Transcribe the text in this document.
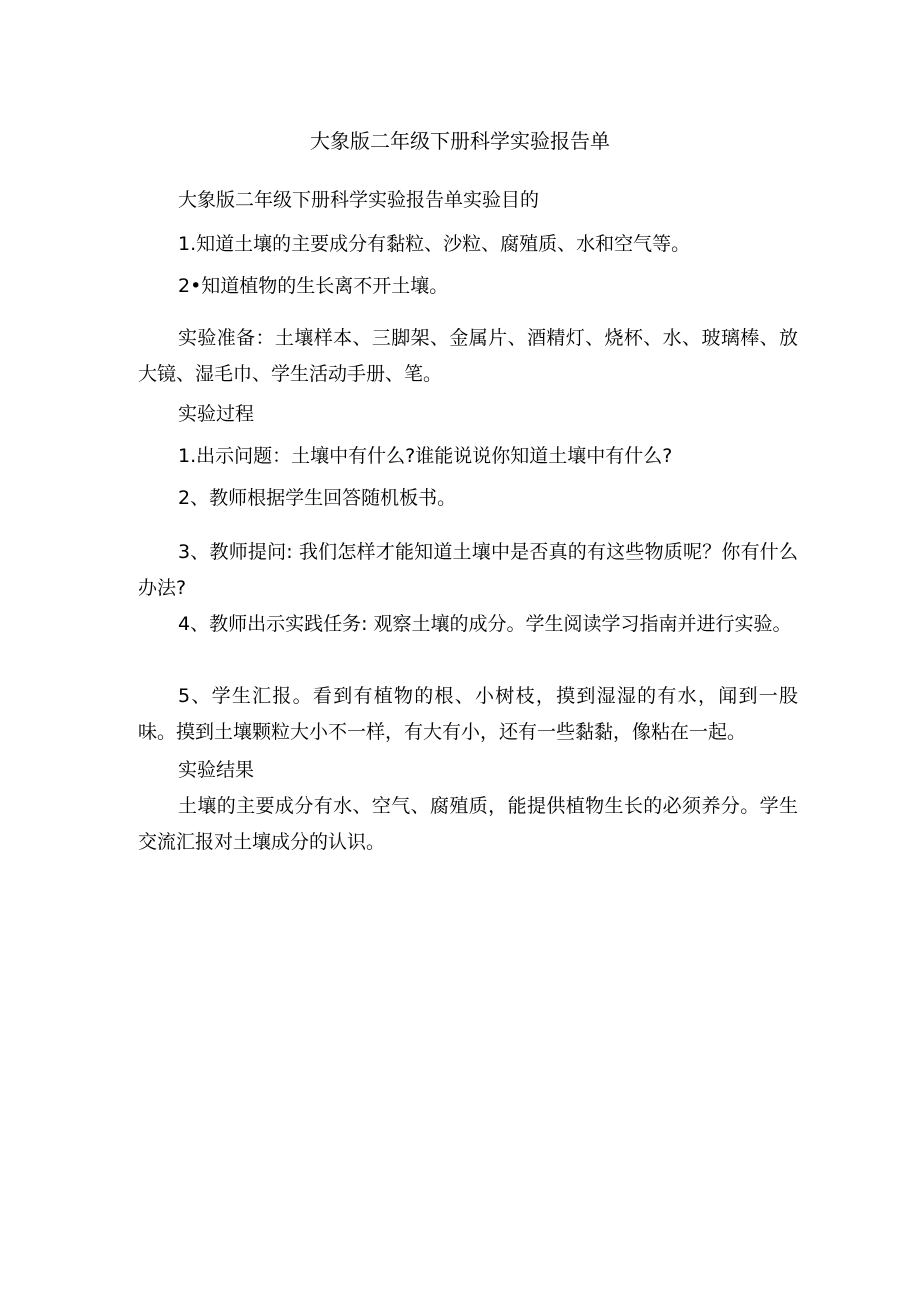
大象版二年级下册科学实验报告单

大象版二年级下册科学实验报告单实验目的

1.知道土壤的主要成分有黏粒、沙粒、腐殖质、水和空气等。

2•知道植物的生长离不开土壤。

实验准备：土壤样本、三脚架、金属片、酒精灯、烧杯、水、玻璃棒、放大镜、湿毛巾、学生活动手册、笔。

实验过程

1.出示问题：土壤中有什么?谁能说说你知道土壤中有什么?

2、教师根据学生回答随机板书。

3、教师提问: 我们怎样才能知道土壤中是否真的有这些物质呢？你有什么办法?

4、教师出示实践任务: 观察土壤的成分。学生阅读学习指南并进行实验。

5、学生汇报。看到有植物的根、小树枝，摸到湿湿的有水，闻到一股味。摸到土壤颗粒大小不一样，有大有小，还有一些黏黏，像粘在一起。

实验结果

土壤的主要成分有水、空气、腐殖质，能提供植物生长的必须养分。学生交流汇报对土壤成分的认识。
